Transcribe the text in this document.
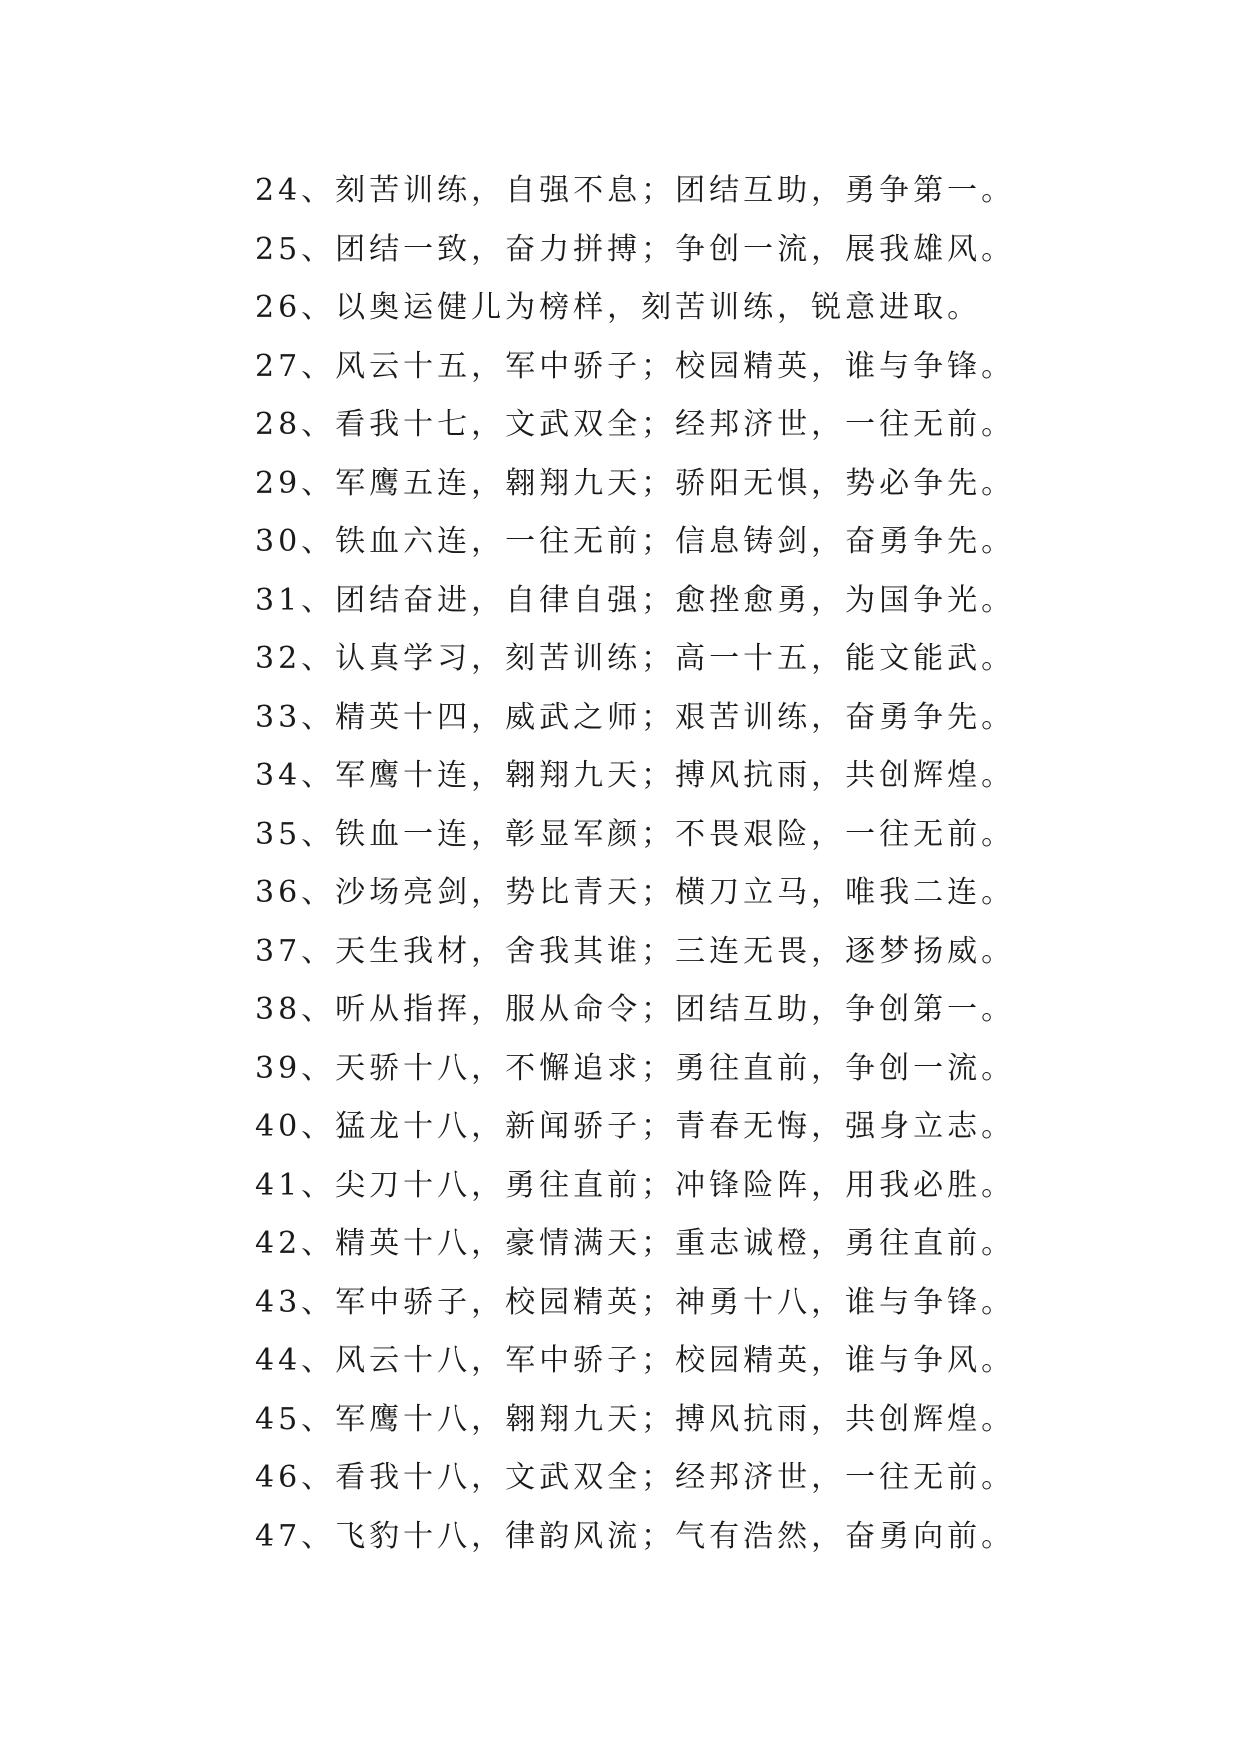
24、刻苦训练，自强不息；团结互助，勇争第一。
25、团结一致，奋力拼搏；争创一流，展我雄风。
26、以奥运健儿为榜样，刻苦训练，锐意进取。
27、风云十五，军中骄子；校园精英，谁与争锋。
28、看我十七，文武双全；经邦济世，一往无前。
29、军鹰五连，翱翔九天；骄阳无惧，势必争先。
30、铁血六连，一往无前；信息铸剑，奋勇争先。
31、团结奋进，自律自强；愈挫愈勇，为国争光。
32、认真学习，刻苦训练；高一十五，能文能武。
33、精英十四，威武之师；艰苦训练，奋勇争先。
34、军鹰十连，翱翔九天；搏风抗雨，共创辉煌。
35、铁血一连，彰显军颜；不畏艰险，一往无前。
36、沙场亮剑，势比青天；横刀立马，唯我二连。
37、天生我材，舍我其谁；三连无畏，逐梦扬威。
38、听从指挥，服从命令；团结互助，争创第一。
39、天骄十八，不懈追求；勇往直前，争创一流。
40、猛龙十八，新闻骄子；青春无悔，强身立志。
41、尖刀十八，勇往直前；冲锋险阵，用我必胜。
42、精英十八，豪情满天；重志诚橙，勇往直前。
43、军中骄子，校园精英；神勇十八，谁与争锋。
44、风云十八，军中骄子；校园精英，谁与争风。
45、军鹰十八，翱翔九天；搏风抗雨，共创辉煌。
46、看我十八，文武双全；经邦济世，一往无前。
47、飞豹十八，律韵风流；气有浩然，奋勇向前。
